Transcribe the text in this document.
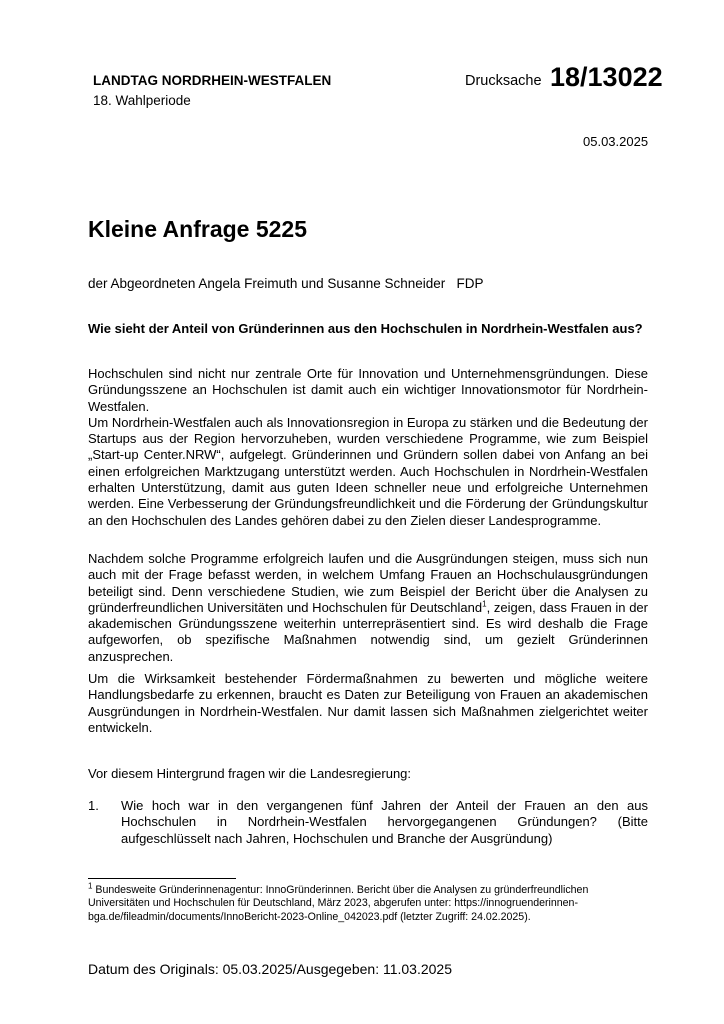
LANDTAG NORDRHEIN-WESTFALEN
18. Wahlperiode
Drucksache 18/13022
05.03.2025
Kleine Anfrage 5225
der Abgeordneten Angela Freimuth und Susanne Schneider FDP
Wie sieht der Anteil von Gründerinnen aus den Hochschulen in Nordrhein-Westfalen aus?
Hochschulen sind nicht nur zentrale Orte für Innovation und Unternehmensgründungen. Diese Gründungsszene an Hochschulen ist damit auch ein wichtiger Innovationsmotor für Nordrhein-Westfalen.
Um Nordrhein-Westfalen auch als Innovationsregion in Europa zu stärken und die Bedeutung der Startups aus der Region hervorzuheben, wurden verschiedene Programme, wie zum Beispiel „Start-up Center.NRW“, aufgelegt. Gründerinnen und Gründern sollen dabei von Anfang an bei einen erfolgreichen Marktzugang unterstützt werden. Auch Hochschulen in Nordrhein-Westfalen erhalten Unterstützung, damit aus guten Ideen schneller neue und erfolgreiche Unternehmen werden. Eine Verbesserung der Gründungsfreundlichkeit und die Förderung der Gründungskultur an den Hochschulen des Landes gehören dabei zu den Zielen dieser Landesprogramme.
Nachdem solche Programme erfolgreich laufen und die Ausgründungen steigen, muss sich nun auch mit der Frage befasst werden, in welchem Umfang Frauen an Hochschulausgründungen beteiligt sind. Denn verschiedene Studien, wie zum Beispiel der Bericht über die Analysen zu gründerfreundlichen Universitäten und Hochschulen für Deutschland$^1$, zeigen, dass Frauen in der akademischen Gründungsszene weiterhin unterrepräsentiert sind. Es wird deshalb die Frage aufgeworfen, ob spezifische Maßnahmen notwendig sind, um gezielt Gründerinnen anzusprechen.
Um die Wirksamkeit bestehender Fördermaßnahmen zu bewerten und mögliche weitere Handlungsbedarfe zu erkennen, braucht es Daten zur Beteiligung von Frauen an akademischen Ausgründungen in Nordrhein-Westfalen. Nur damit lassen sich Maßnahmen zielgerichtet weiter entwickeln.
Vor diesem Hintergrund fragen wir die Landesregierung:
1. Wie hoch war in den vergangenen fünf Jahren der Anteil der Frauen an den aus Hochschulen in Nordrhein-Westfalen hervorgegangenen Gründungen? (Bitte aufgeschlüsselt nach Jahren, Hochschulen und Branche der Ausgründung)
$^1$ Bundesweite Gründerinnenagentur: InnoGründerinnen. Bericht über die Analysen zu gründerfreundlichen Universitäten und Hochschulen für Deutschland, März 2023, abgerufen unter: https://innogruenderinnen-bga.de/fileadmin/documents/InnoBericht-2023-Online_042023.pdf (letzter Zugriff: 24.02.2025).
Datum des Originals: 05.03.2025/Ausgegeben: 11.03.2025
